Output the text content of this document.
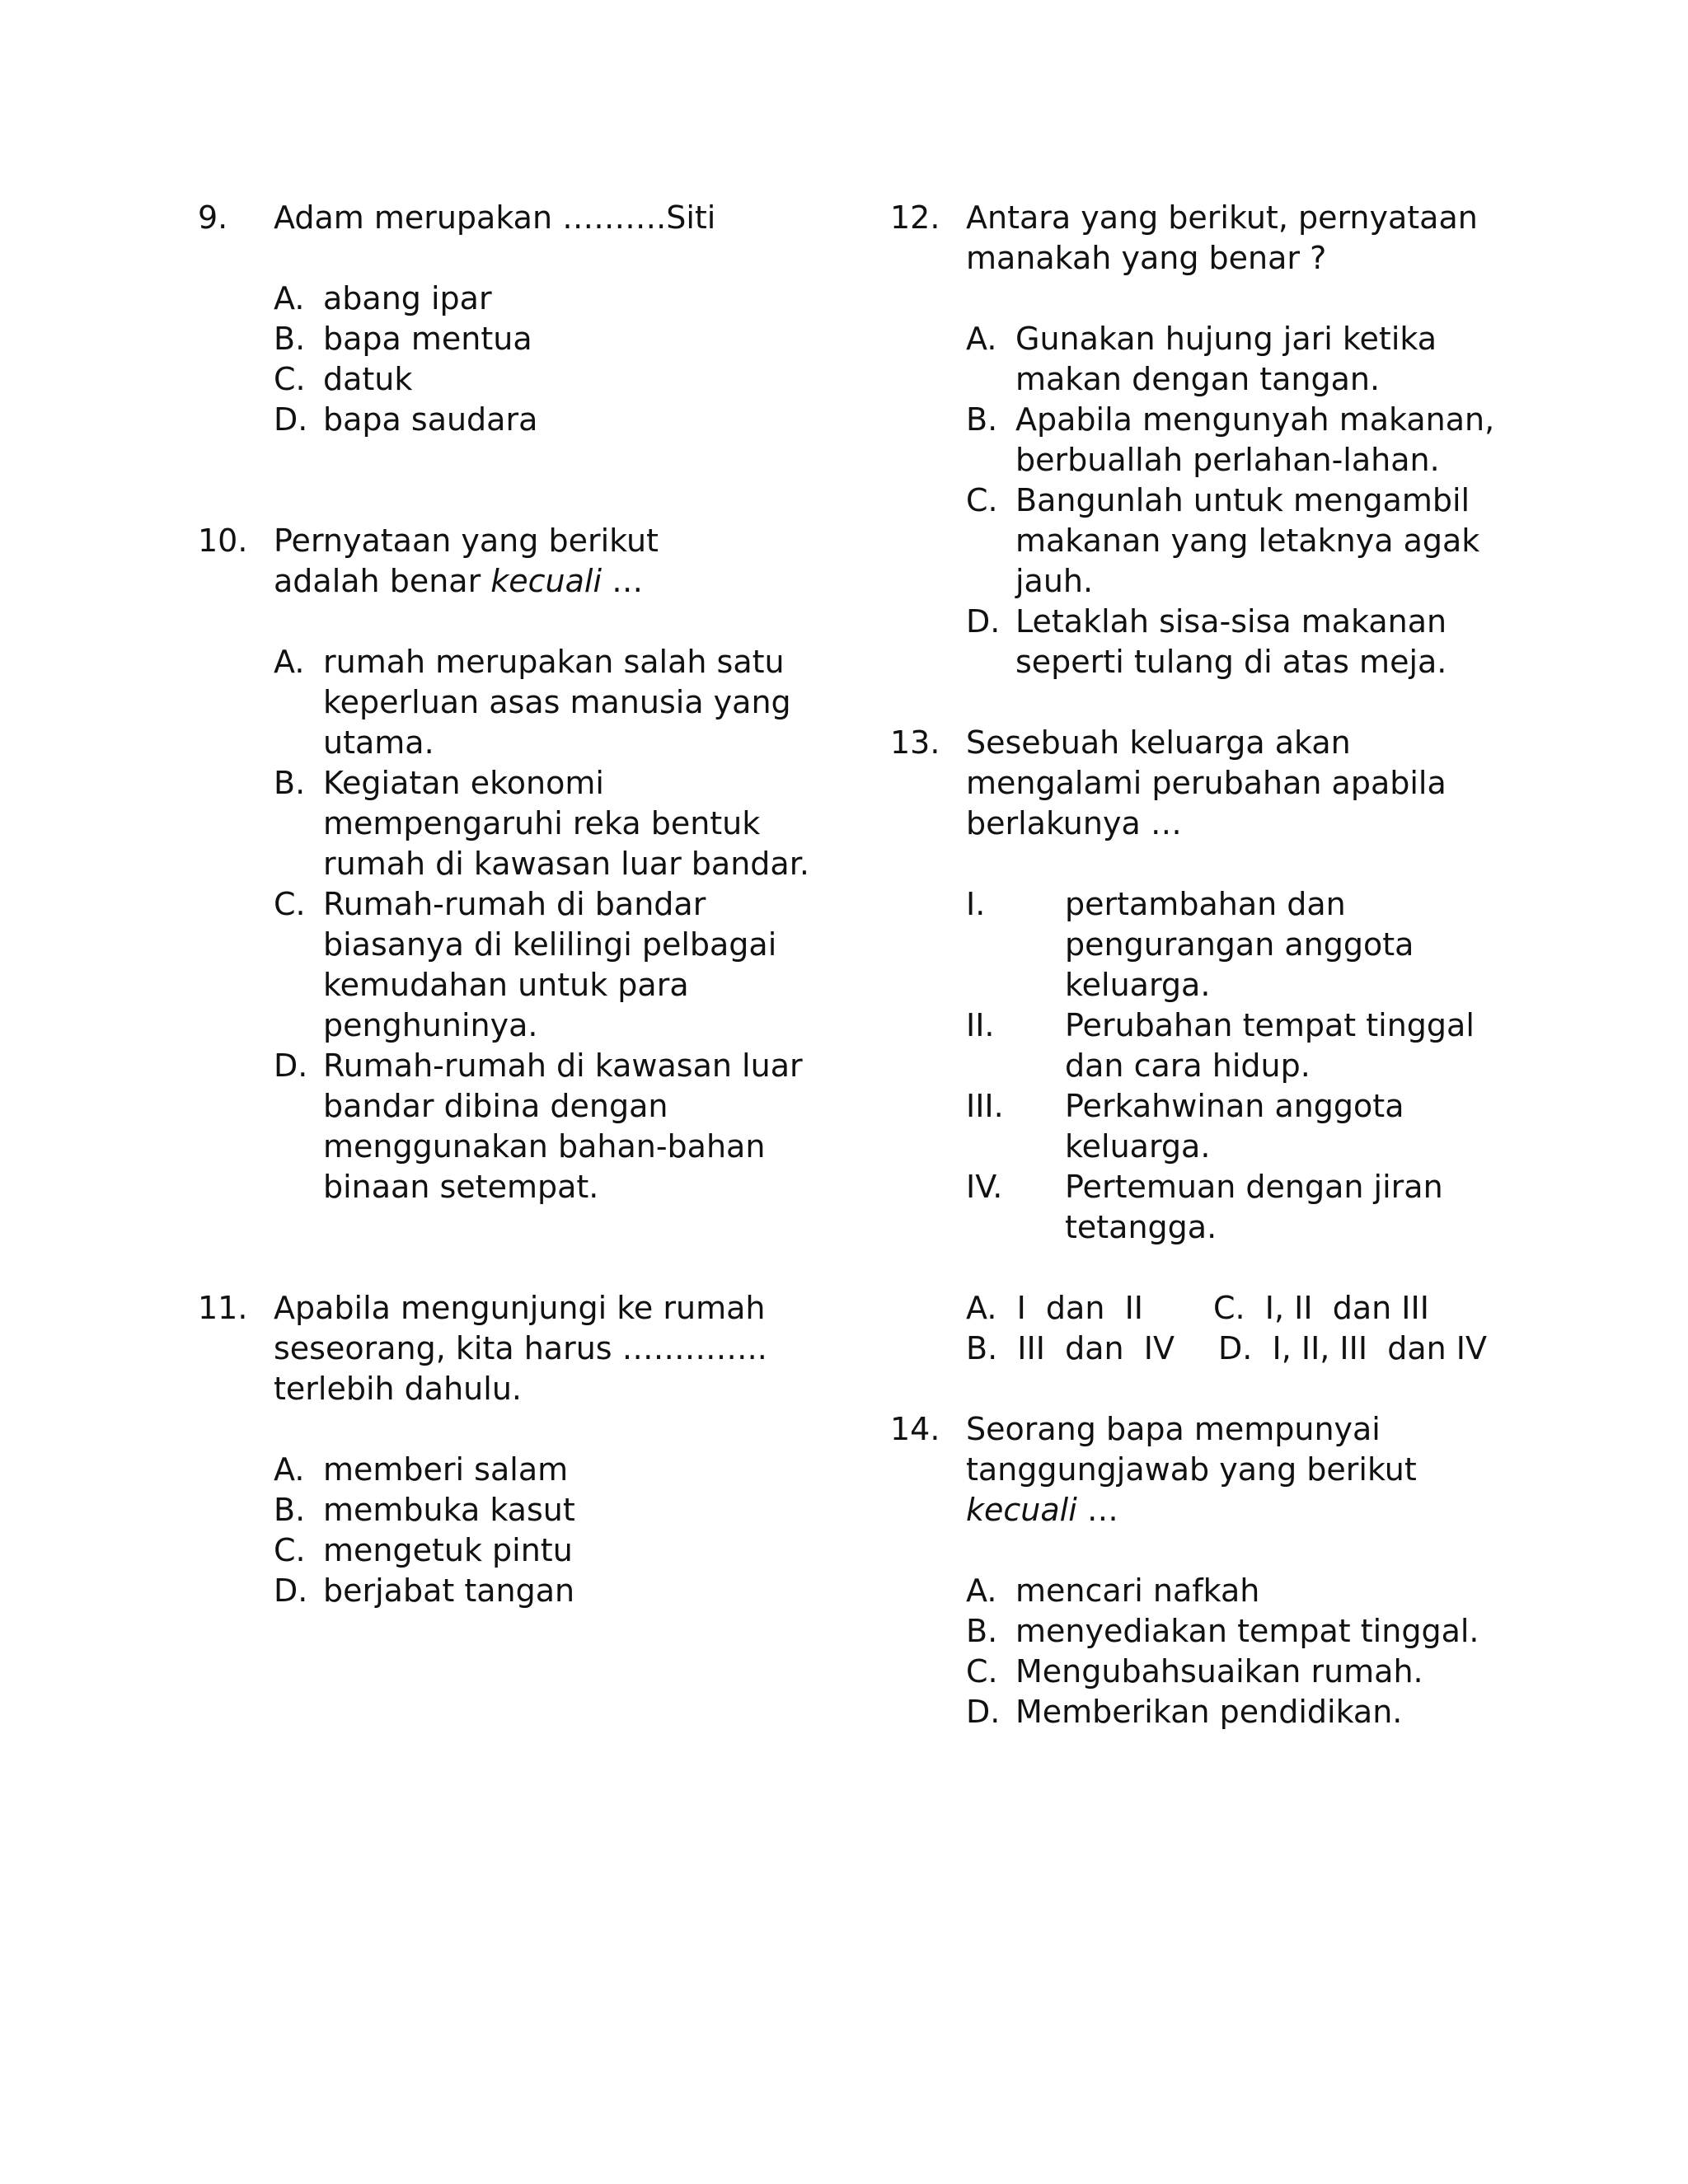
9. Adam merupakan ……….Siti
A. abang ipar
B. bapa mentua
C. datuk
D. bapa saudara
10. Pernyataan yang berikut
adalah benar kecuali …
A. rumah merupakan salah satu keperluan asas manusia yang utama.
B. Kegiatan ekonomi mempengaruhi reka bentuk rumah di kawasan luar bandar.
C. Rumah-rumah di bandar biasanya di kelilingi pelbagai kemudahan untuk para penghuninya.
D. Rumah-rumah di kawasan luar bandar dibina dengan menggunakan bahan-bahan binaan setempat.
11. Apabila mengunjungi ke rumah seseorang, kita harus ………….. terlebih dahulu.
A. memberi salam
B. membuka kasut
C. mengetuk pintu
D. berjabat tangan
12. Antara yang berikut, pernyataan manakah yang benar ?
A. Gunakan hujung jari ketika makan dengan tangan.
B. Apabila mengunyah makanan, berbuallah perlahan-lahan.
C. Bangunlah untuk mengambil makanan yang letaknya agak jauh.
D. Letaklah sisa-sisa makanan seperti tulang di atas meja.
13. Sesebuah keluarga akan mengalami perubahan apabila berlakunya …
I.	pertambahan dan pengurangan anggota keluarga.
II. Perubahan tempat tinggal dan cara hidup.
III. Perkahwinan anggota keluarga.
IV. Pertemuan dengan jiran tetangga.

A.  I  dan  II

C.  I, II  dan III

B.  III  dan  IV

D.  I, II, III  dan IV

14. Seorang bapa mempunyai
tanggungjawab yang berikut
kecuali …
A. mencari nafkah
B. menyediakan tempat tinggal.
C. Mengubahsuaikan rumah.
D. Memberikan pendidikan.
